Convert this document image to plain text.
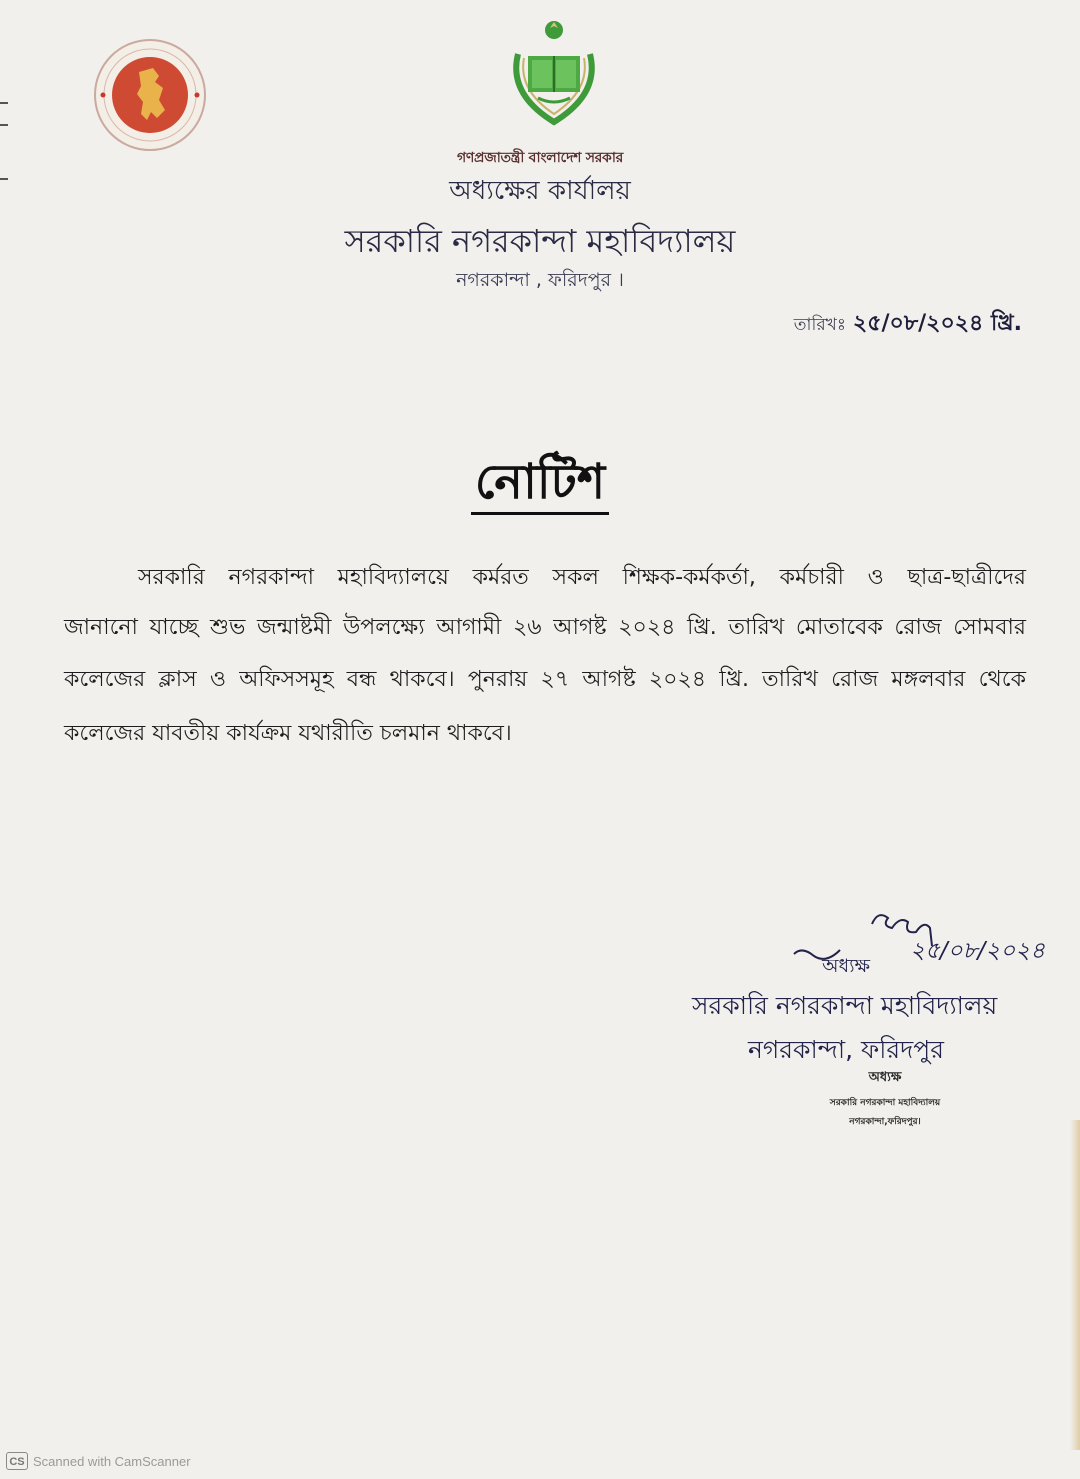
গণপ্রজাতন্ত্রী বাংলাদেশ সরকার
অধ্যক্ষের কার্যালয়
সরকারি নগরকান্দা মহাবিদ্যালয়
নগরকান্দা , ফরিদপুর ।
তারিখঃ ২৫/০৮/২০২৪ খ্রি.
নোটিশ
সরকারি নগরকান্দা মহাবিদ্যালয়ে কর্মরত সকল শিক্ষক-কর্মকর্তা, কর্মচারী ও ছাত্র-ছাত্রীদের
জানানো যাচ্ছে শুভ জন্মাষ্টমী উপলক্ষ্যে আগামী ২৬ আগষ্ট ২০২৪ খ্রি. তারিখ মোতাবেক রোজ সোমবার
কলেজের ক্লাস ও অফিসসমূহ বন্ধ থাকবে। পুনরায় ২৭ আগষ্ট ২০২৪ খ্রি. তারিখ রোজ মঙ্গলবার থেকে
কলেজের যাবতীয় কার্যক্রম যথারীতি চলমান থাকবে।
২৫/০৮/২০২৪
অধ্যক্ষ
সরকারি নগরকান্দা মহাবিদ্যালয়
নগরকান্দা, ফরিদপুর
অধ্যক্ষ
সরকারি নগরকান্দা মহাবিদ্যালয়
নগরকান্দা,ফরিদপুর।
CS Scanned with CamScanner
